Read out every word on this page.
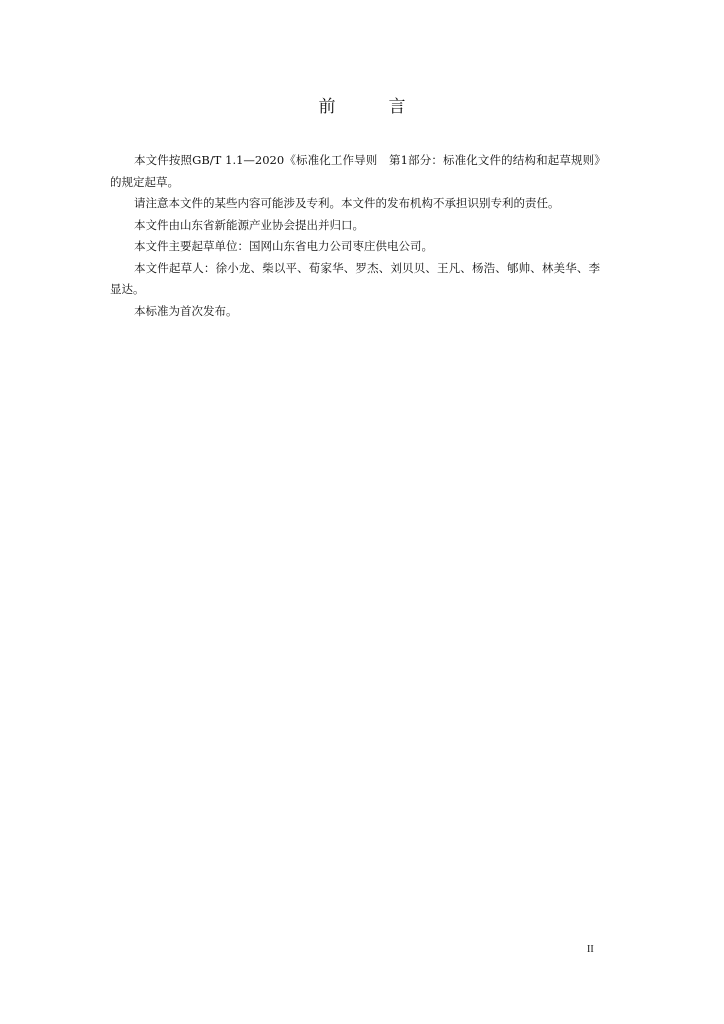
前　言

本文件按照GB/T 1.1—2020《标准化工作导则　第1部分：标准化文件的结构和起草规则》的规定起草。

请注意本文件的某些内容可能涉及专利。本文件的发布机构不承担识别专利的责任。

本文件由山东省新能源产业协会提出并归口。

本文件主要起草单位：国网山东省电力公司枣庄供电公司。

本文件起草人：徐小龙、柴以平、荀家华、罗杰、刘贝贝、王凡、杨浩、郇帅、林美华、李显达。

本标准为首次发布。

II
